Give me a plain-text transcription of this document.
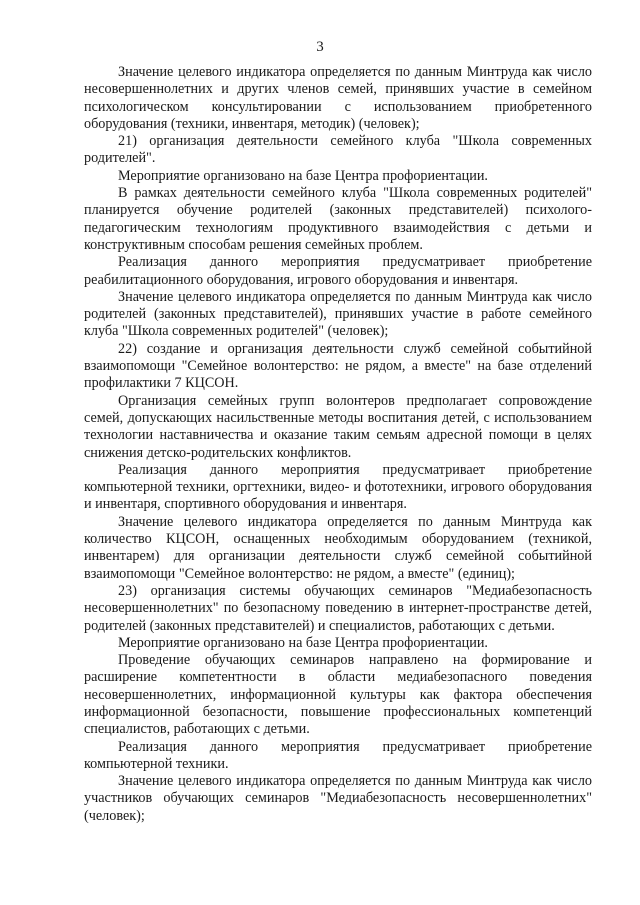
3

Значение целевого индикатора определяется по данным Минтруда как число несовершеннолетних и других членов семей, принявших участие в семейном психологическом консультировании с использованием приобретенного оборудования (техники, инвентаря, методик) (человек);

21) организация деятельности семейного клуба "Школа современных родителей".

Мероприятие организовано на базе Центра профориентации.

В рамках деятельности семейного клуба "Школа современных родителей" планируется обучение родителей (законных представителей) психолого-педагогическим технологиям продуктивного взаимодействия с детьми и конструктивным способам решения семейных проблем.

Реализация данного мероприятия предусматривает приобретение реабилитационного оборудования, игрового оборудования и инвентаря.

Значение целевого индикатора определяется по данным Минтруда как число родителей (законных представителей), принявших участие в работе семейного клуба "Школа современных родителей" (человек);

22) создание и организация деятельности служб семейной событийной взаимопомощи "Семейное волонтерство: не рядом, а вместе" на базе отделений профилактики 7 КЦСОН.

Организация семейных групп волонтеров предполагает сопровождение семей, допускающих насильственные методы воспитания детей, с использованием технологии наставничества и оказание таким семьям адресной помощи в целях снижения детско-родительских конфликтов.

Реализация данного мероприятия предусматривает приобретение компьютерной техники, оргтехники, видео- и фототехники, игрового оборудования и инвентаря, спортивного оборудования и инвентаря.

Значение целевого индикатора определяется по данным Минтруда как количество КЦСОН, оснащенных необходимым оборудованием (техникой, инвентарем) для организации деятельности служб семейной событийной взаимопомощи "Семейное волонтерство: не рядом, а вместе" (единиц);

23) организация системы обучающих семинаров "Медиабезопасность несовершеннолетних" по безопасному поведению в интернет-пространстве детей, родителей (законных представителей) и специалистов, работающих с детьми.

Мероприятие организовано на базе Центра профориентации.

Проведение обучающих семинаров направлено на формирование и расширение компетентности в области медиабезопасного поведения несовершеннолетних, информационной культуры как фактора обеспечения информационной безопасности, повышение профессиональных компетенций специалистов, работающих с детьми.

Реализация данного мероприятия предусматривает приобретение компьютерной техники.

Значение целевого индикатора определяется по данным Минтруда как число участников обучающих семинаров "Медиабезопасность несовершеннолетних" (человек);
